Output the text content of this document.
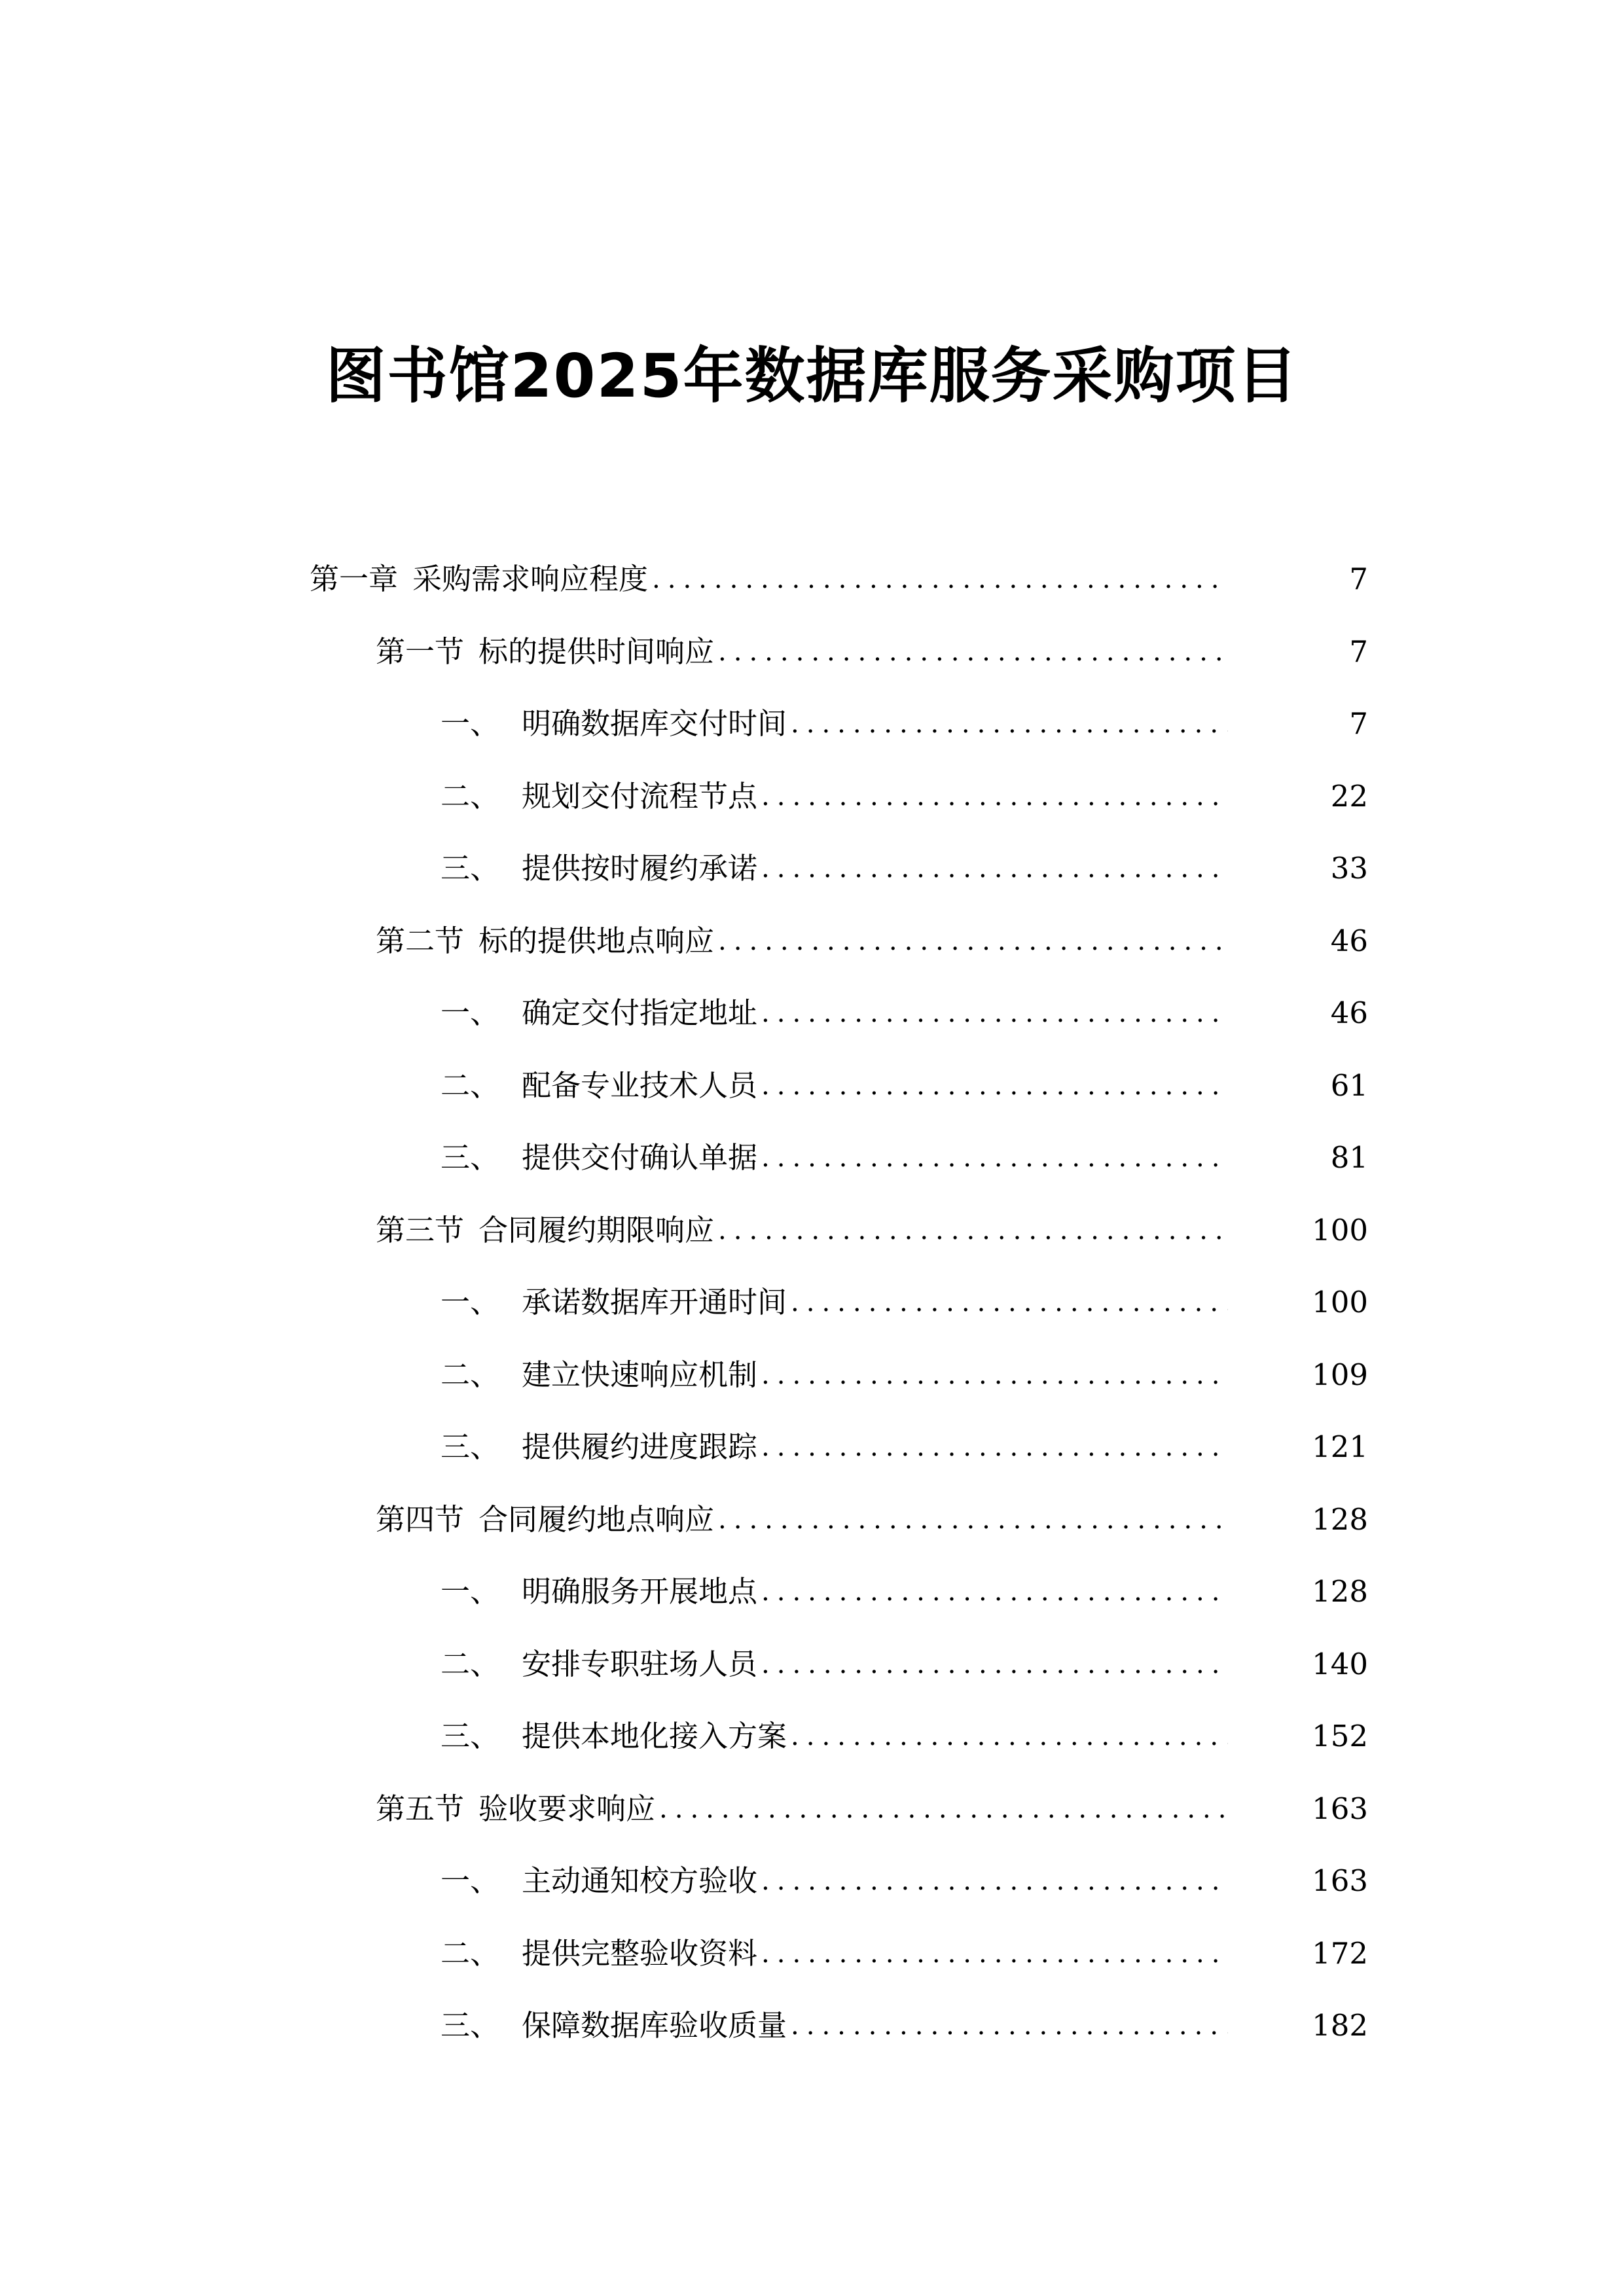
图书馆2025年数据库服务采购项目
第一章 采购需求响应程度 .....	7
第一节 标的提供时间响应 .....	7
一、 明确数据库交付时间 .....	7
二、 规划交付流程节点 .....	22
三、 提供按时履约承诺 .....	33
第二节 标的提供地点响应 .....	46
一、 确定交付指定地址 .....	46
二、 配备专业技术人员 .....	61
三、 提供交付确认单据 .....	81
第三节 合同履约期限响应 .....	100
一、 承诺数据库开通时间 .....	100
二、 建立快速响应机制 .....	109
三、 提供履约进度跟踪 .....	121
第四节 合同履约地点响应 .....	128
一、 明确服务开展地点 .....	128
二、 安排专职驻场人员 .....	140
三、 提供本地化接入方案 .....	152
第五节 验收要求响应 .....	163
一、 主动通知校方验收 .....	163
二、 提供完整验收资料 .....	172
三、 保障数据库验收质量 .....	182
